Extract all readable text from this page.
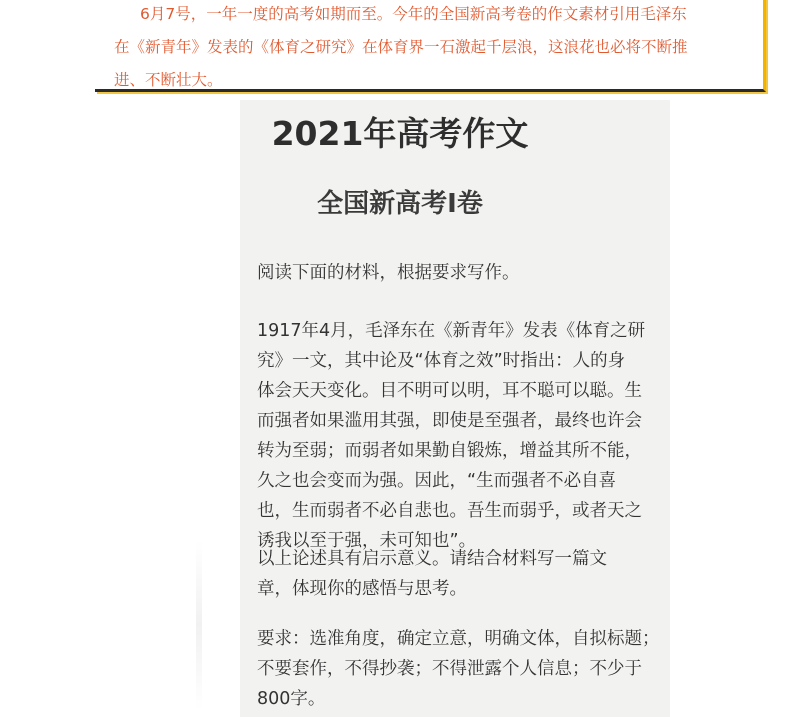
6月7号，一年一度的高考如期而至。今年的全国新高考卷的作文素材引用毛泽东
在《新青年》发表的《体育之研究》在体育界一石激起千层浪，这浪花也必将不断推
进、不断壮大。

2021年高考作文
全国新高考Ⅰ卷

阅读下面的材料，根据要求写作。

1917年4月，毛泽东在《新青年》发表《体育之研
究》一文，其中论及“体育之效”时指出：人的身
体会天天变化。目不明可以明，耳不聪可以聪。生
而强者如果滥用其强，即使是至强者，最终也许会
转为至弱；而弱者如果勤自锻炼，增益其所不能，
久之也会变而为强。因此，“生而强者不必自喜
也，生而弱者不必自悲也。吾生而弱乎，或者天之
诱我以至于强，未可知也”。

以上论述具有启示意义。请结合材料写一篇文
章，体现你的感悟与思考。

要求：选准角度，确定立意，明确文体，自拟标题；
不要套作，不得抄袭；不得泄露个人信息；不少于
800字。
